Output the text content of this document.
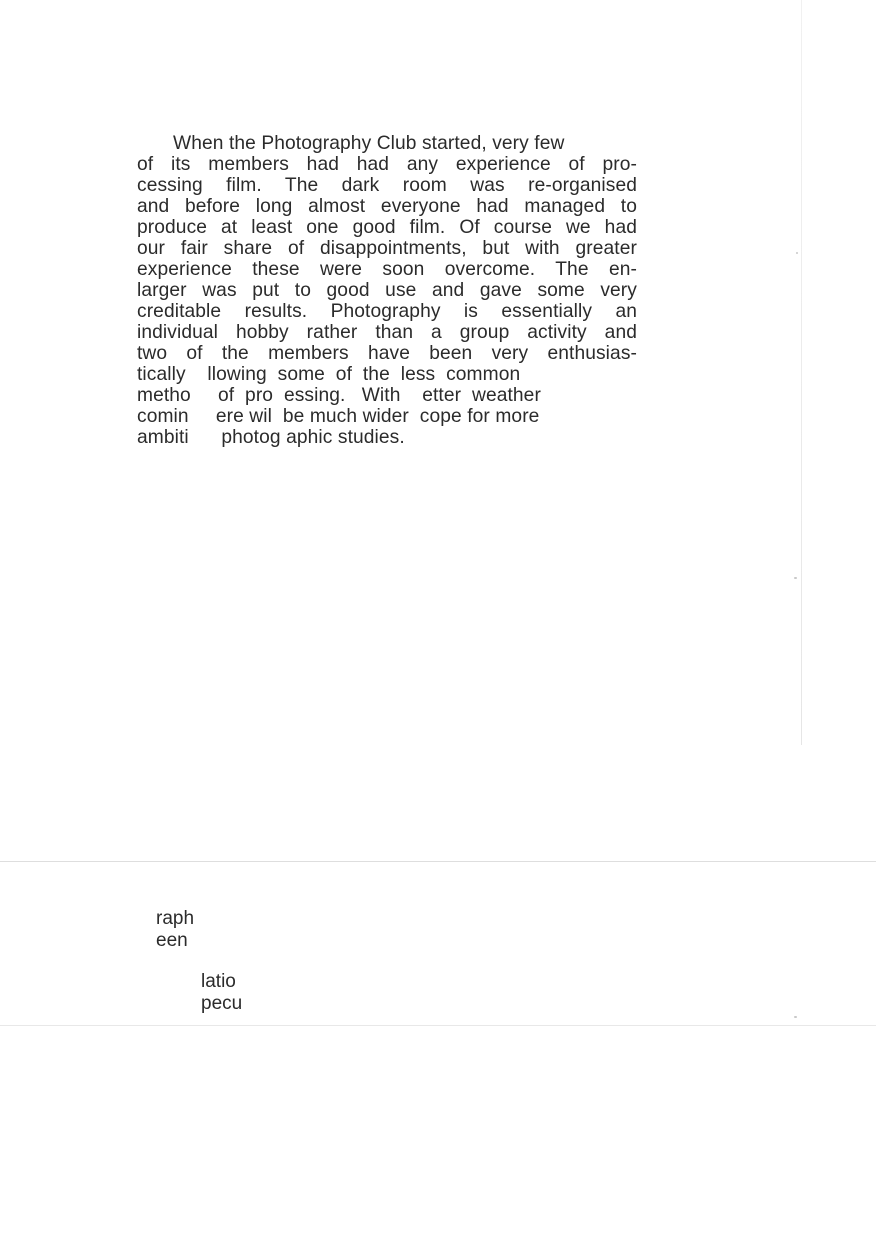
When the Photography Club started, very few
of its members had had any experience of pro-
cessing film. The dark room was re-organised
and before long almost everyone had managed to
produce at least one good film. Of course we had
our fair share of disappointments, but with greater
experience these were soon overcome. The en-
larger was put to good use and gave some very
creditable results. Photography is essentially an
individual hobby rather than a group activity and
two of the members have been very enthusias-
tically    llowing  some  of  the  less  common
metho     of  pro  essing.   With    etter  weather
comin     ere wil  be much wider  cope for more
ambiti      photog aphic studies.
raph
een
latio
pecu
